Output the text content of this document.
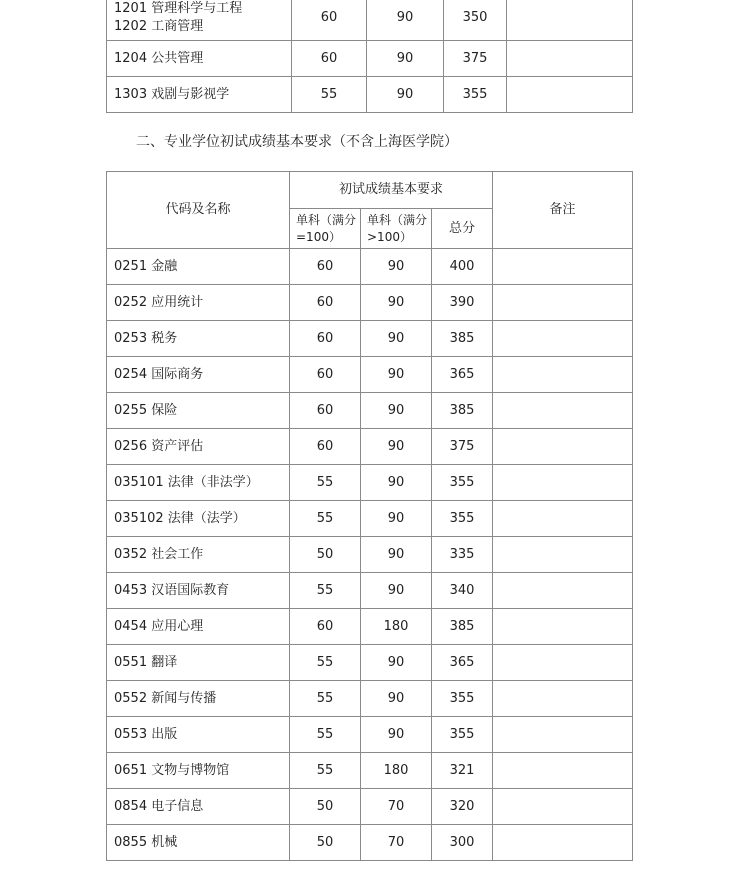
1201 管理科学与工程
1202 工商管理	60	90	350	
1204 公共管理	60	90	375	
1303 戏剧与影视学	55	90	355	
二、专业学位初试成绩基本要求（不含上海医学院）
代码及名称	初试成绩基本要求			备注
	单科（满分=100）	单科（满分>100）	总分	
0251 金融	60	90	400	
0252 应用统计	60	90	390	
0253 税务	60	90	385	
0254 国际商务	60	90	365	
0255 保险	60	90	385	
0256 资产评估	60	90	375	
035101 法律（非法学）	55	90	355	
035102 法律（法学）	55	90	355	
0352 社会工作	50	90	335	
0453 汉语国际教育	55	90	340	
0454 应用心理	60	180	385	
0551 翻译	55	90	365	
0552 新闻与传播	55	90	355	
0553 出版	55	90	355	
0651 文物与博物馆	55	180	321	
0854 电子信息	50	70	320	
0855 机械	50	70	300	
